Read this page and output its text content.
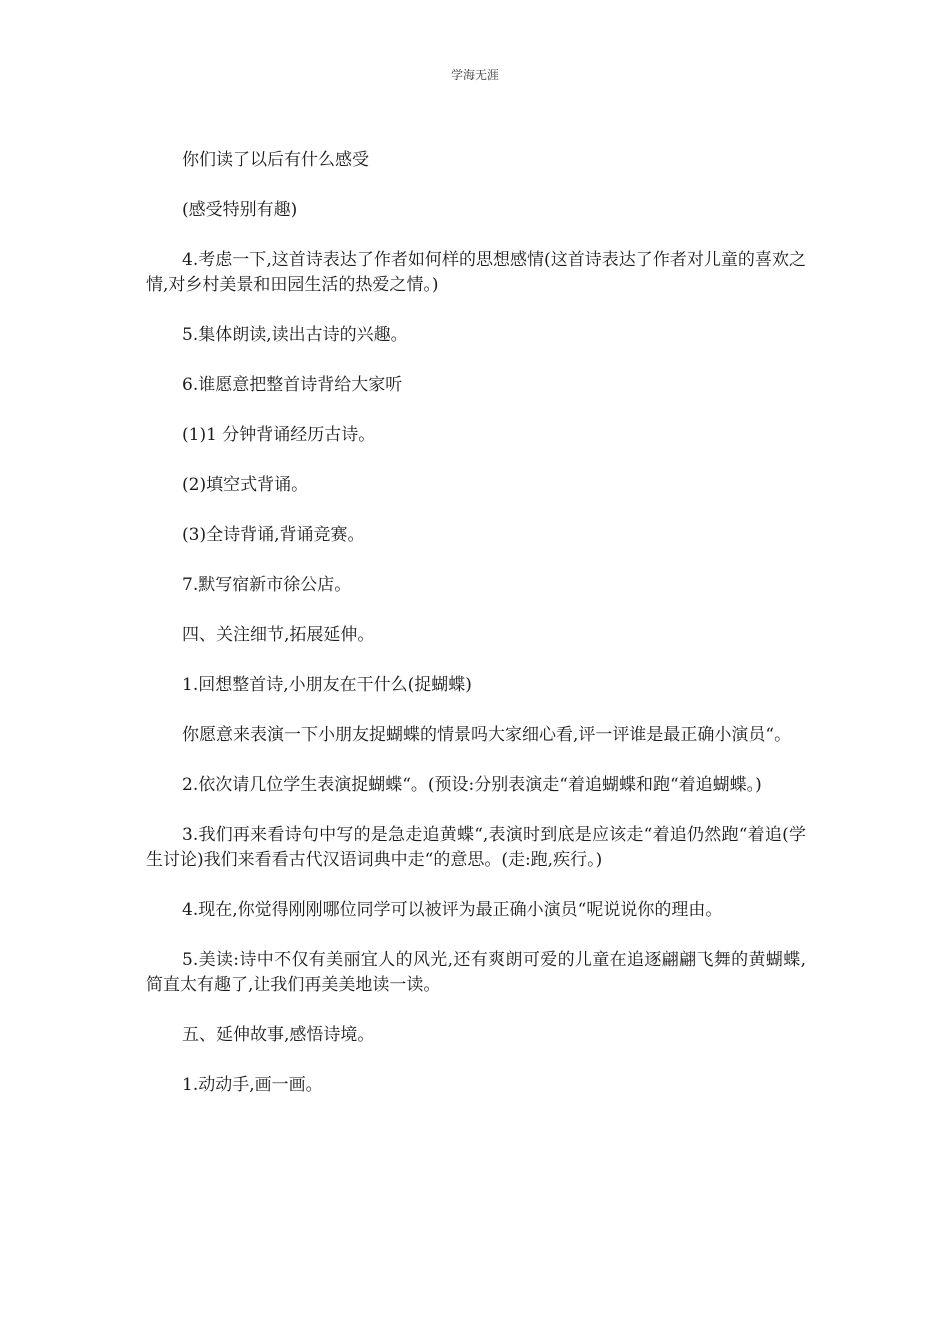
学海无涯

你们读了以后有什么感受

(感受特别有趣)

4.考虑一下,这首诗表达了作者如何样的思想感情(这首诗表达了作者对儿童的喜欢之情,对乡村美景和田园生活的热爱之情。)

5.集体朗读,读出古诗的兴趣。

6.谁愿意把整首诗背给大家听

(1)1 分钟背诵经历古诗。

(2)填空式背诵。

(3)全诗背诵,背诵竞赛。

7.默写宿新市徐公店。

四、关注细节,拓展延伸。

1.回想整首诗,小朋友在干什么(捉蝴蝶)

你愿意来表演一下小朋友捉蝴蝶的情景吗大家细心看,评一评谁是最正确小演员“。

2.依次请几位学生表演捉蝴蝶“。(预设:分别表演走“着追蝴蝶和跑“着追蝴蝶。)

3.我们再来看诗句中写的是急走追黄蝶“,表演时到底是应该走“着追仍然跑“着追(学生讨论)我们来看看古代汉语词典中走“的意思。(走:跑,疾行。)

4.现在,你觉得刚刚哪位同学可以被评为最正确小演员“呢说说你的理由。

5.美读:诗中不仅有美丽宜人的风光,还有爽朗可爱的儿童在追逐翩翩飞舞的黄蝴蝶,简直太有趣了,让我们再美美地读一读。

五、延伸故事,感悟诗境。

1.动动手,画一画。
